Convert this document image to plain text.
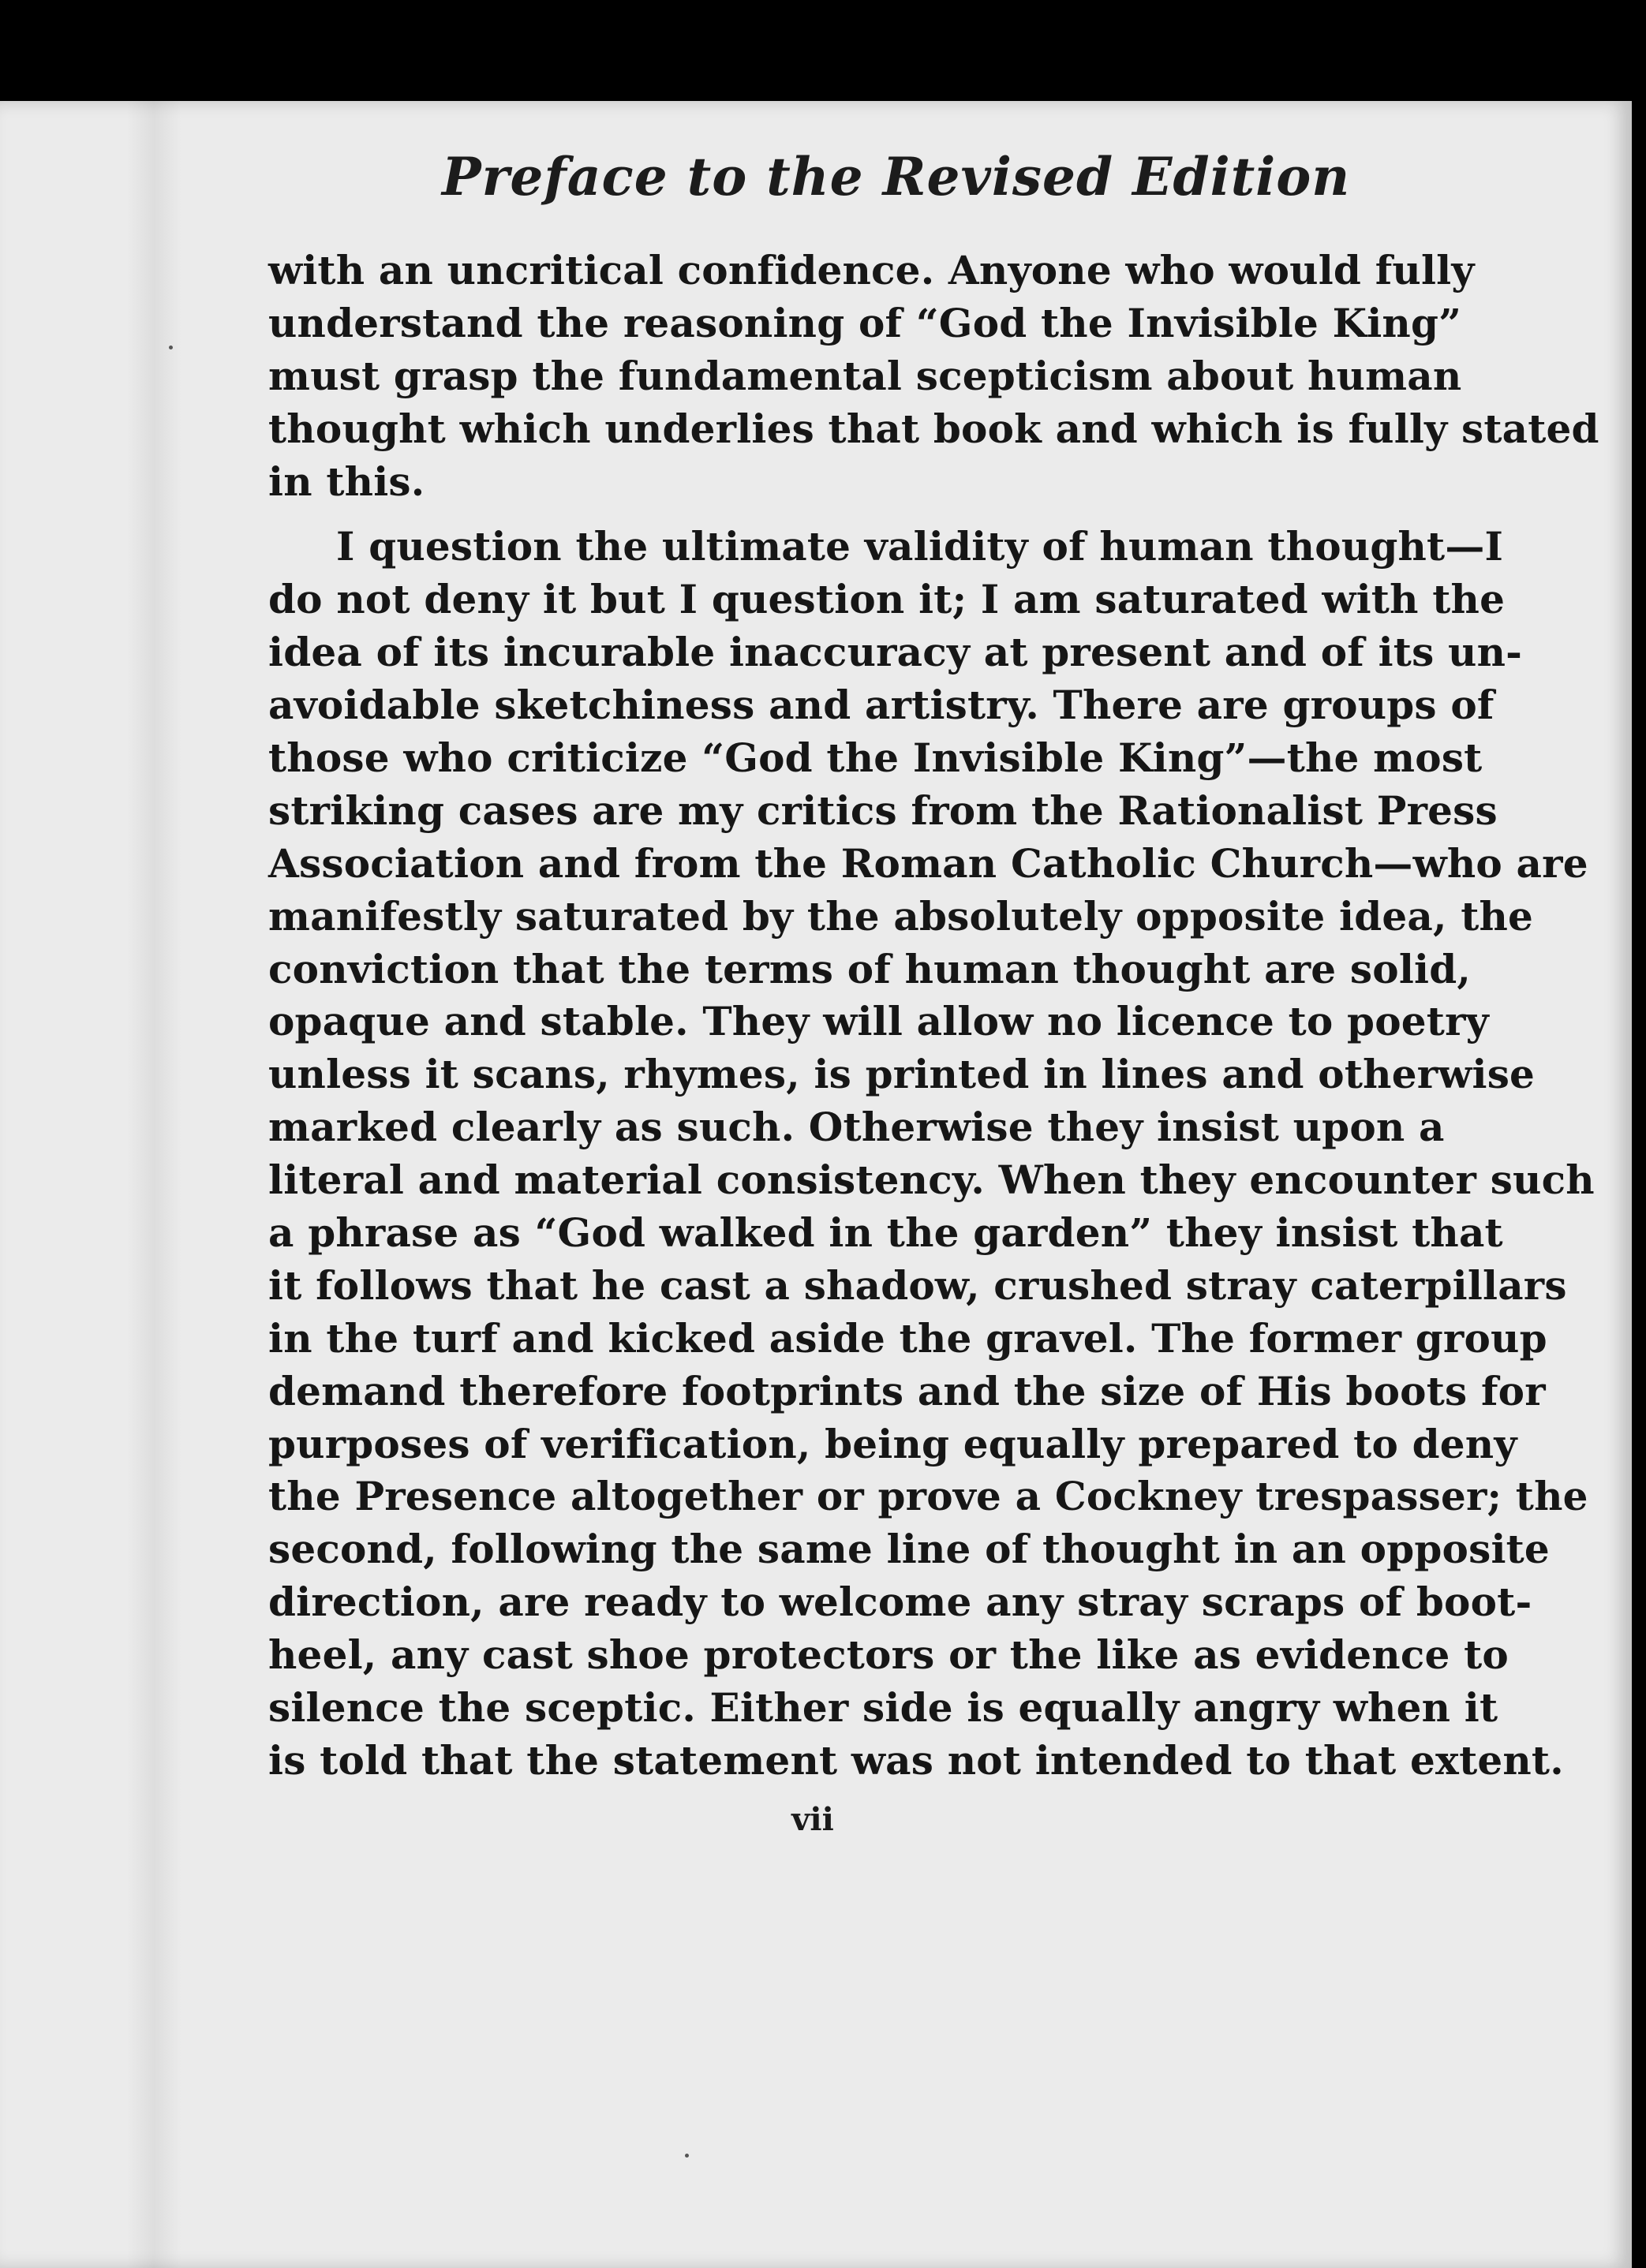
Preface to the Revised Edition
with an uncritical confidence. Anyone who would fully
understand the reasoning of “God the Invisible King”
must grasp the fundamental scepticism about human
thought which underlies that book and which is fully stated
in this.
I question the ultimate validity of human thought—I
do not deny it but I question it; I am saturated with the
idea of its incurable inaccuracy at present and of its un-
avoidable sketchiness and artistry. There are groups of
those who criticize “God the Invisible King”—the most
striking cases are my critics from the Rationalist Press
Association and from the Roman Catholic Church—who are
manifestly saturated by the absolutely opposite idea, the
conviction that the terms of human thought are solid,
opaque and stable. They will allow no licence to poetry
unless it scans, rhymes, is printed in lines and otherwise
marked clearly as such. Otherwise they insist upon a
literal and material consistency. When they encounter such
a phrase as “God walked in the garden” they insist that
it follows that he cast a shadow, crushed stray caterpillars
in the turf and kicked aside the gravel. The former group
demand therefore footprints and the size of His boots for
purposes of verification, being equally prepared to deny
the Presence altogether or prove a Cockney trespasser; the
second, following the same line of thought in an opposite
direction, are ready to welcome any stray scraps of boot-
heel, any cast shoe protectors or the like as evidence to
silence the sceptic. Either side is equally angry when it
is told that the statement was not intended to that extent.
vii
